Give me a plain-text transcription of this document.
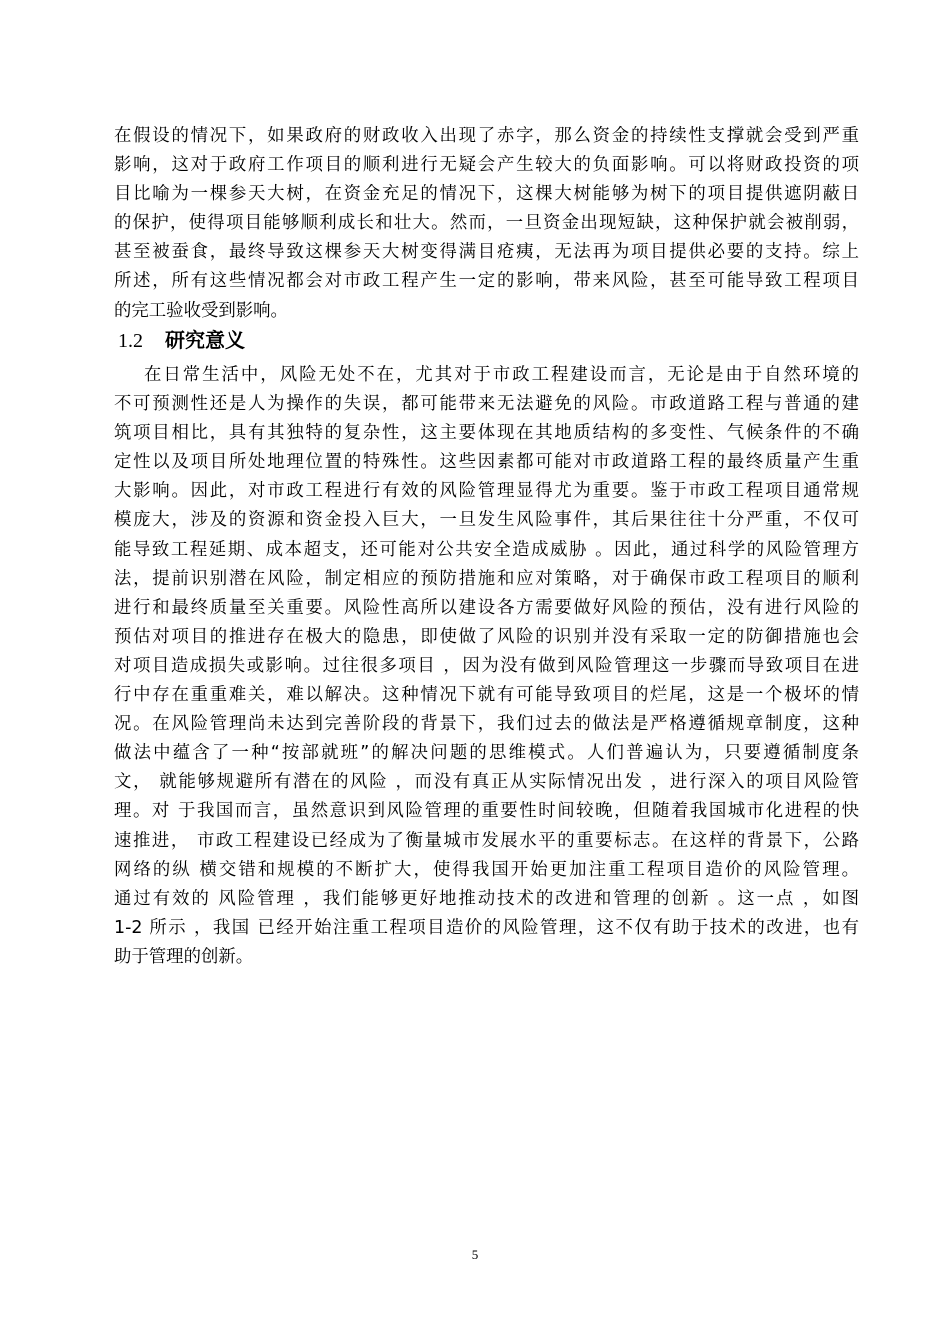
在假设的情况下，如果政府的财政收入出现了赤字，那么资金的持续性支撑就会受到严重
影响，这对于政府工作项目的顺利进行无疑会产生较大的负面影响。可以将财政投资的项
目比喻为一棵参天大树，在资金充足的情况下，这棵大树能够为树下的项目提供遮阴蔽日
的保护，使得项目能够顺利成长和壮大。然而，一旦资金出现短缺，这种保护就会被削弱，
甚至被蚕食，最终导致这棵参天大树变得满目疮痍，无法再为项目提供必要的支持。综上
所述，所有这些情况都会对市政工程产生一定的影响，带来风险，甚至可能导致工程项目
的完工验收受到影响。
1.2 研究意义
在日常生活中，风险无处不在，尤其对于市政工程建设而言，无论是由于自然环境的
不可预测性还是人为操作的失误，都可能带来无法避免的风险。市政道路工程与普通的建
筑项目相比，具有其独特的复杂性，这主要体现在其地质结构的多变性、气候条件的不确
定性以及项目所处地理位置的特殊性。这些因素都可能对市政道路工程的最终质量产生重
大影响。因此，对市政工程进行有效的风险管理显得尤为重要。鉴于市政工程项目通常规
模庞大，涉及的资源和资金投入巨大，一旦发生风险事件，其后果往往十分严重，不仅可
能导致工程延期、成本超支，还可能对公共安全造成威胁 。因此，通过科学的风险管理方
法，提前识别潜在风险，制定相应的预防措施和应对策略，对于确保市政工程项目的顺利
进行和最终质量至关重要。风险性高所以建设各方需要做好风险的预估，没有进行风险的
预估对项目的推进存在极大的隐患，即使做了风险的识别并没有采取一定的防御措施也会
对项目造成损失或影响。过往很多项目 ，因为没有做到风险管理这一步骤而导致项目在进
行中存在重重难关，难以解决。这种情况下就有可能导致项目的烂尾，这是一个极坏的情
况。在风险管理尚未达到完善阶段的背景下，我们过去的做法是严格遵循规章制度，这种
做法中蕴含了一种“按部就班”的解决问题的思维模式。人们普遍认为，只要遵循制度条
文， 就能够规避所有潜在的风险 ，而没有真正从实际情况出发 ，进行深入的项目风险管
理。对 于我国而言，虽然意识到风险管理的重要性时间较晚，但随着我国城市化进程的快
速推进， 市政工程建设已经成为了衡量城市发展水平的重要标志。在这样的背景下，公路
网络的纵 横交错和规模的不断扩大，使得我国开始更加注重工程项目造价的风险管理。
通过有效的 风险管理 ，我们能够更好地推动技术的改进和管理的创新 。这一点 ，如图
1-2 所示 ，我国 已经开始注重工程项目造价的风险管理，这不仅有助于技术的改进，也有
助于管理的创新。
5
